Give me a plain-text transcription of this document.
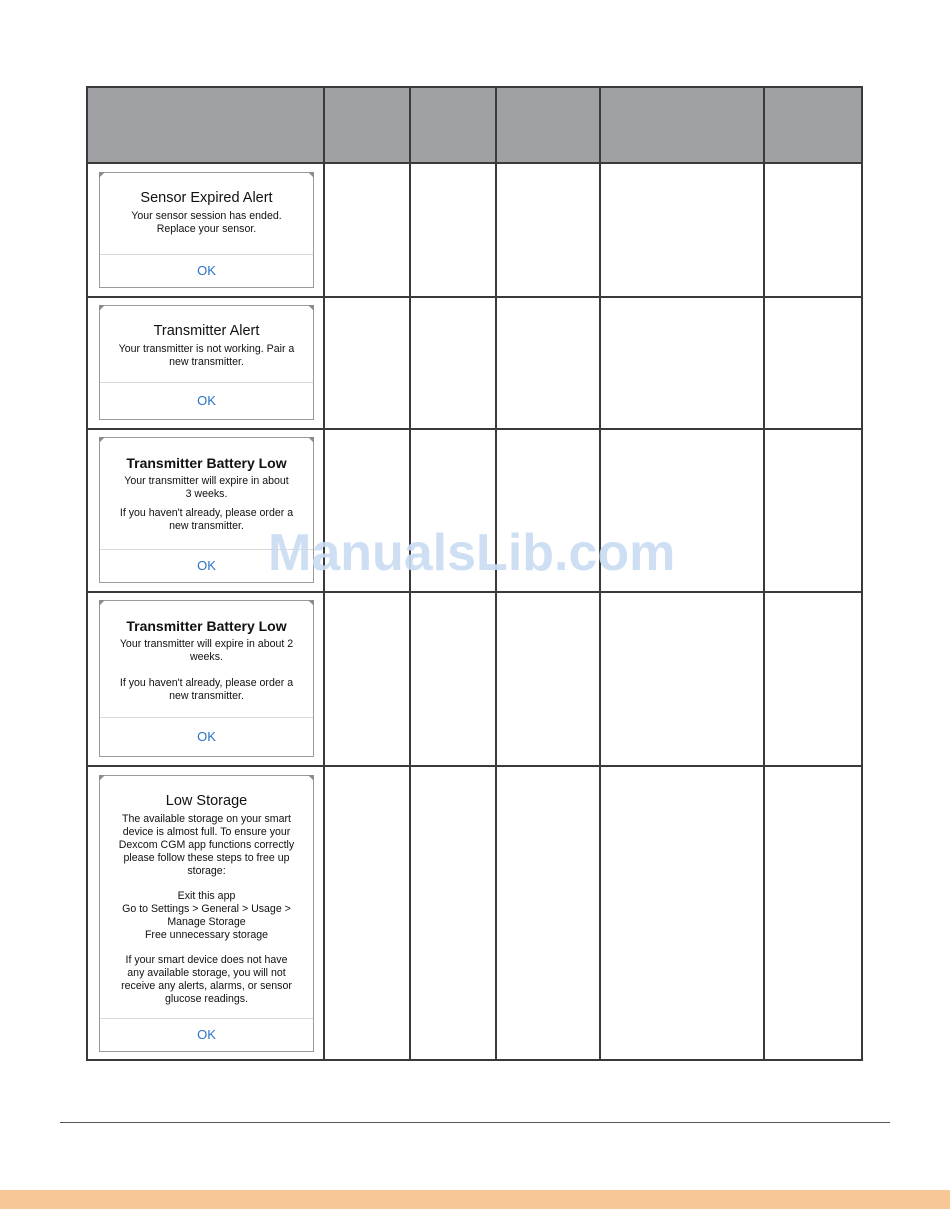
Sensor Expired Alert

Your sensor session has ended.

Replace your sensor.

OK
Transmitter Alert

Your transmitter is not working. Pair a

new transmitter.

OK
Transmitter Battery Low

Your transmitter will expire in about

3 weeks.

If you haven't already, please order a

new transmitter.

OK
Transmitter Battery Low

Your transmitter will expire in about 2

weeks.

If you haven't already, please order a

new transmitter.

OK
Low Storage

The available storage on your smart

device is almost full. To ensure your

Dexcom CGM app functions correctly

please follow these steps to free up

storage:

Exit this app

Go to Settings > General > Usage >

Manage Storage

Free unnecessary storage

If your smart device does not have

any available storage, you will not

receive any alerts, alarms, or sensor

glucose readings.

OK
ManualsLib.com
